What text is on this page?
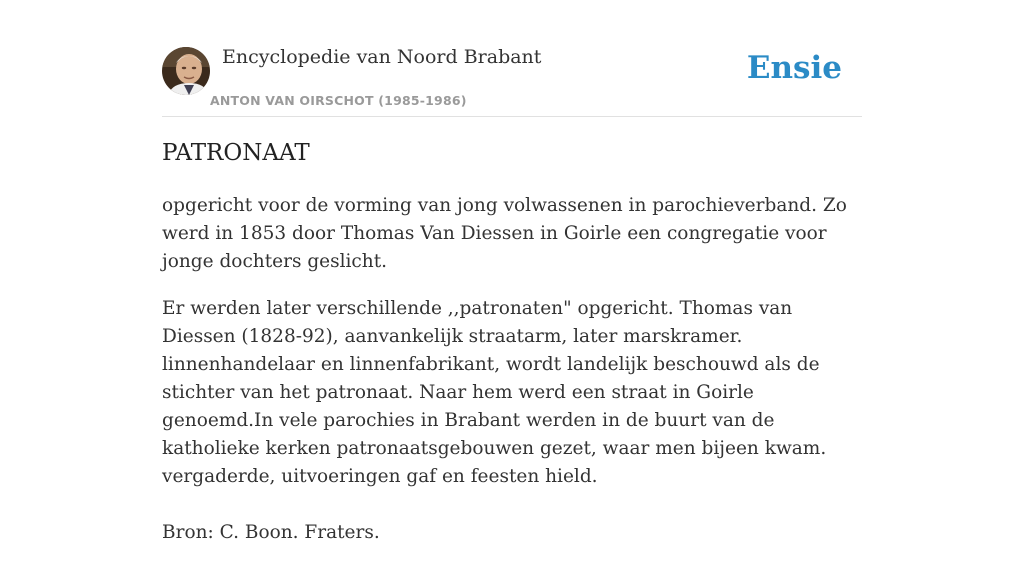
Encyclopedie van Noord Brabant
ANTON VAN OIRSCHOT (1985-1986)
Ensie
PATRONAAT

opgericht voor de vorming van jong volwassenen in parochieverband. Zo werd in 1853 door Thomas Van Diessen in Goirle een congregatie voor jonge dochters geslicht.

Er werden later verschillende ,,patronaten" opgericht. Thomas van Diessen (1828-92), aanvankelijk straatarm, later marskramer. linnenhandelaar en linnenfabrikant, wordt landelijk beschouwd als de stichter van het patronaat. Naar hem werd een straat in Goirle genoemd.In vele parochies in Brabant werden in de buurt van de katholieke kerken patronaatsgebouwen gezet, waar men bijeen kwam. vergaderde, uitvoeringen gaf en feesten hield.

Bron: C. Boon. Fraters.
